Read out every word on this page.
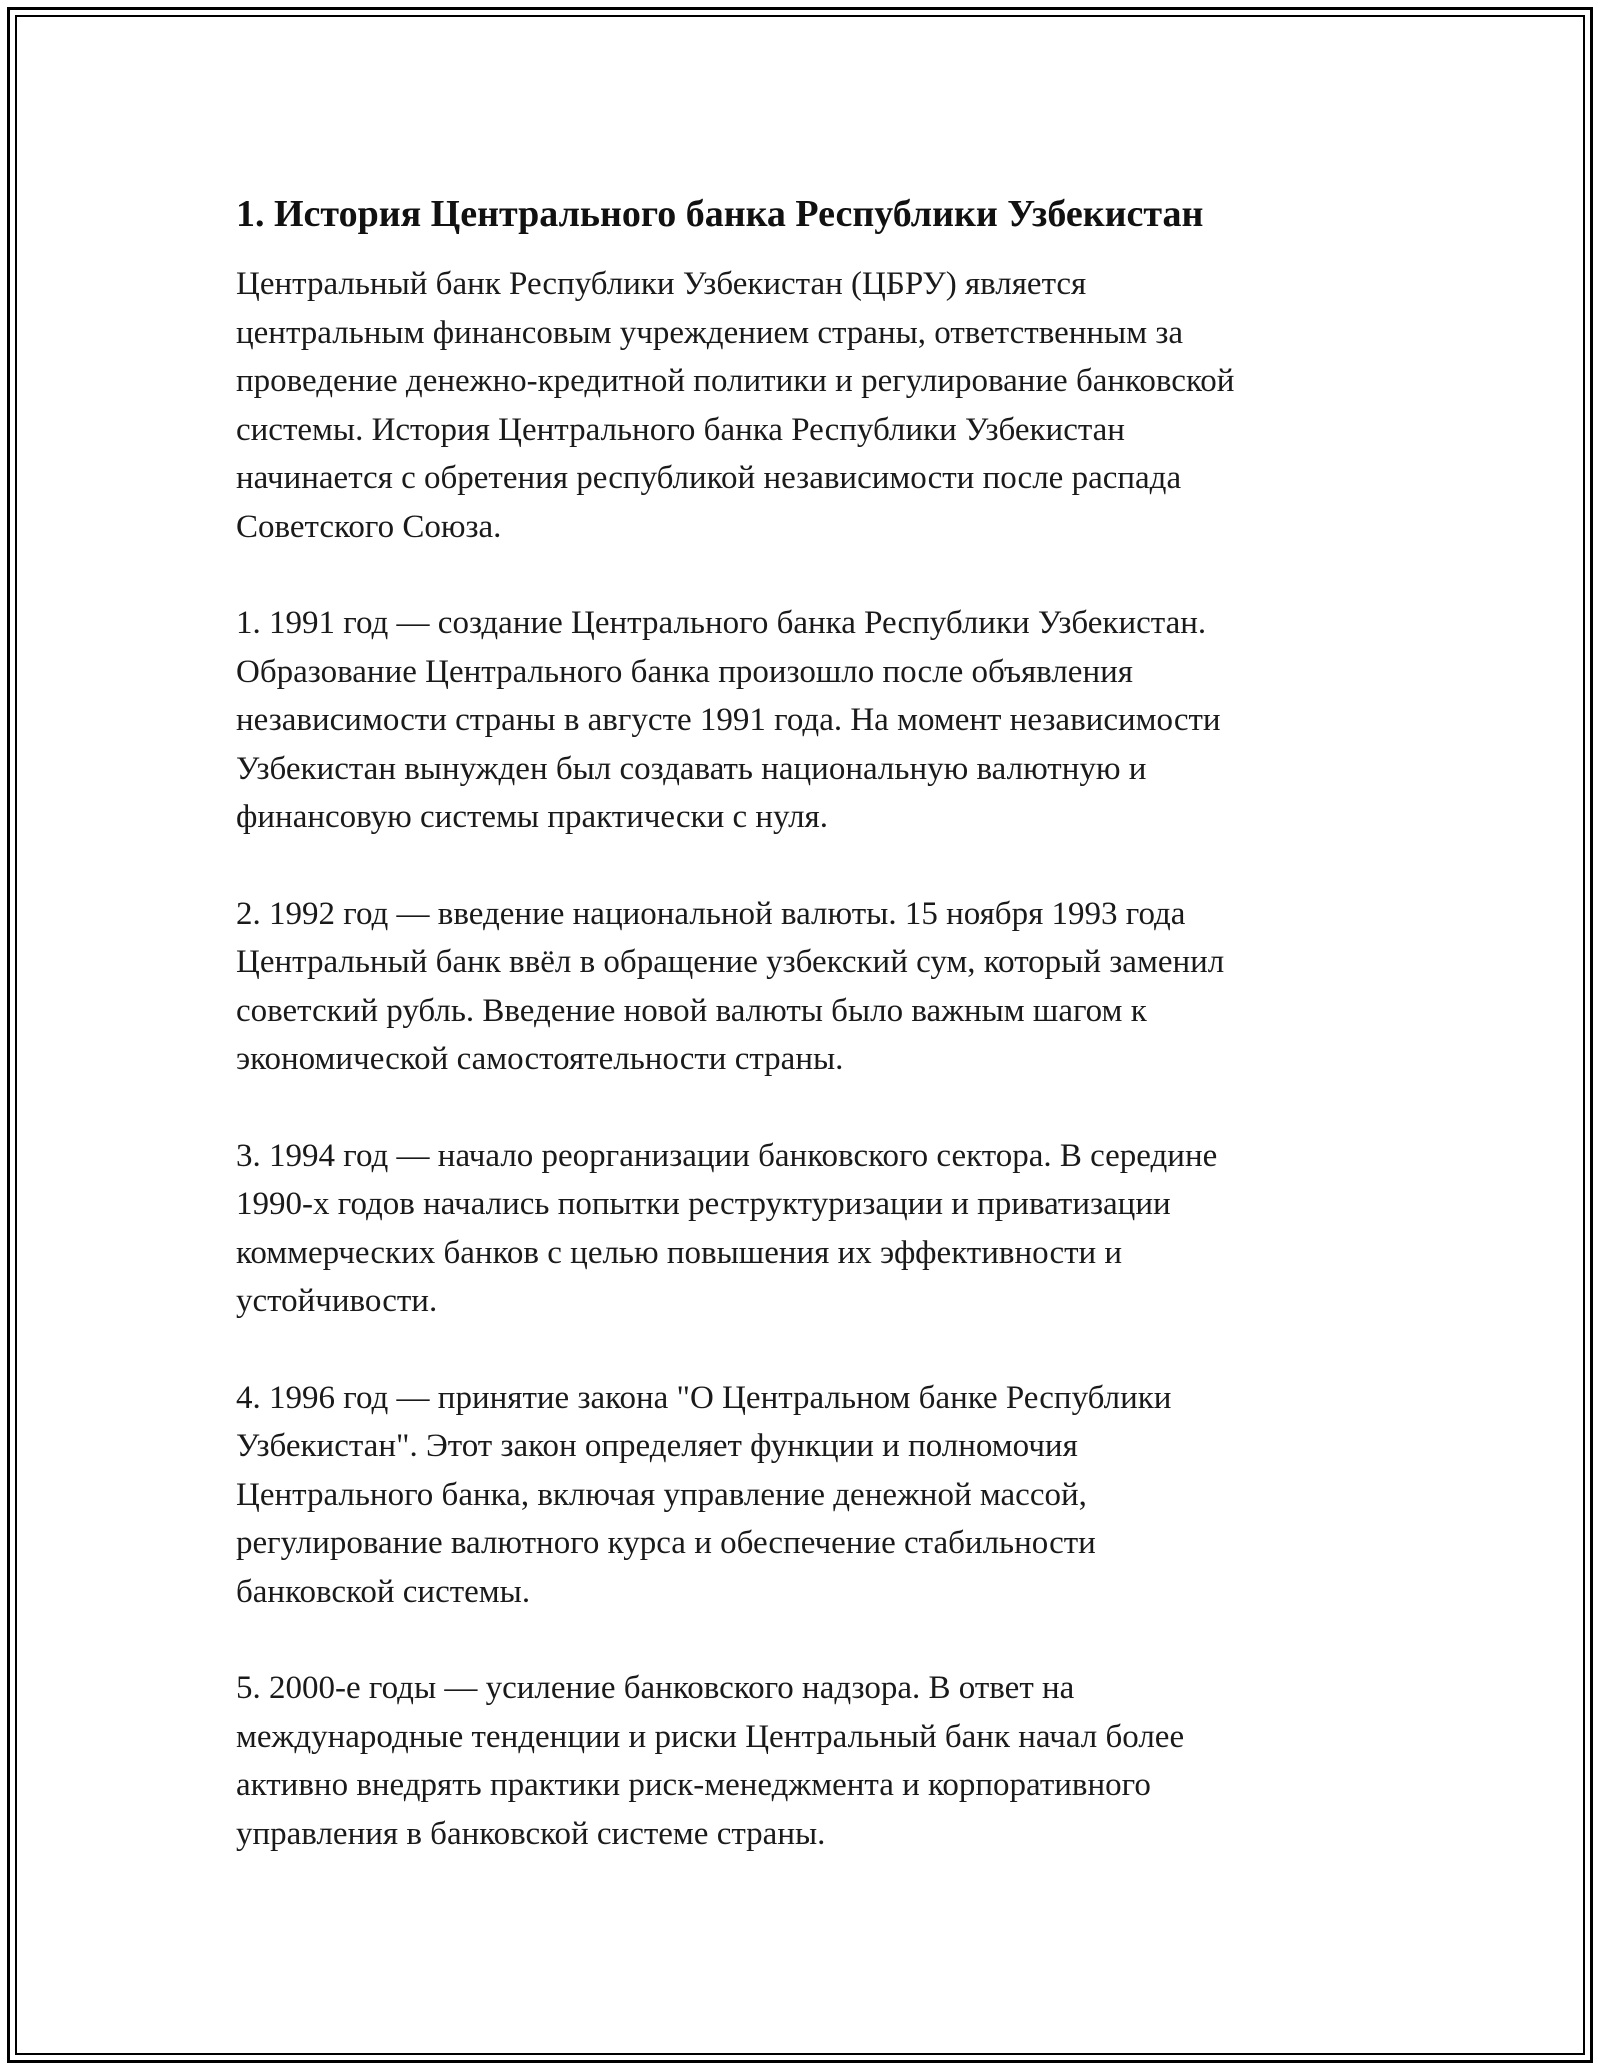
1. История Центрального банка Республики Узбекистан

Центральный банк Республики Узбекистан (ЦБРУ) является
центральным финансовым учреждением страны, ответственным за
проведение денежно-кредитной политики и регулирование банковской
системы. История Центрального банка Республики Узбекистан
начинается с обретения республикой независимости после распада
Советского Союза.

1. 1991 год — создание Центрального банка Республики Узбекистан.
Образование Центрального банка произошло после объявления
независимости страны в августе 1991 года. На момент независимости
Узбекистан вынужден был создавать национальную валютную и
финансовую системы практически с нуля.

2. 1992 год — введение национальной валюты. 15 ноября 1993 года
Центральный банк ввёл в обращение узбекский сум, который заменил
советский рубль. Введение новой валюты было важным шагом к
экономической самостоятельности страны.

3. 1994 год — начало реорганизации банковского сектора. В середине
1990-х годов начались попытки реструктуризации и приватизации
коммерческих банков с целью повышения их эффективности и
устойчивости.

4. 1996 год — принятие закона "О Центральном банке Республики
Узбекистан". Этот закон определяет функции и полномочия
Центрального банка, включая управление денежной массой,
регулирование валютного курса и обеспечение стабильности
банковской системы.

5. 2000-е годы — усиление банковского надзора. В ответ на
международные тенденции и риски Центральный банк начал более
активно внедрять практики риск-менеджмента и корпоративного
управления в банковской системе страны.
